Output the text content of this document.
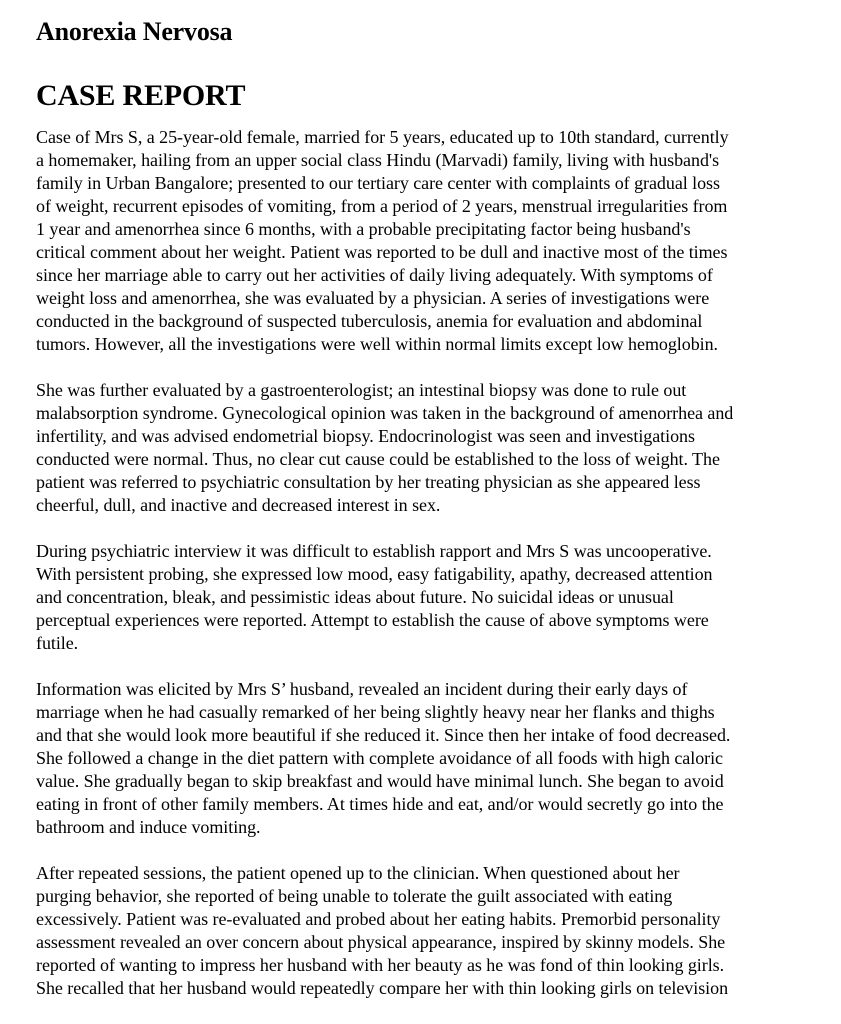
Anorexia Nervosa
CASE REPORT
Case of Mrs S, a 25-year-old female, married for 5 years, educated up to 10th standard, currently
a homemaker, hailing from an upper social class Hindu (Marvadi) family, living with husband's
family in Urban Bangalore; presented to our tertiary care center with complaints of gradual loss
of weight, recurrent episodes of vomiting, from a period of 2 years, menstrual irregularities from
1 year and amenorrhea since 6 months, with a probable precipitating factor being husband's
critical comment about her weight. Patient was reported to be dull and inactive most of the times
since her marriage able to carry out her activities of daily living adequately. With symptoms of
weight loss and amenorrhea, she was evaluated by a physician. A series of investigations were
conducted in the background of suspected tuberculosis, anemia for evaluation and abdominal
tumors. However, all the investigations were well within normal limits except low hemoglobin.
She was further evaluated by a gastroenterologist; an intestinal biopsy was done to rule out
malabsorption syndrome. Gynecological opinion was taken in the background of amenorrhea and
infertility, and was advised endometrial biopsy. Endocrinologist was seen and investigations
conducted were normal. Thus, no clear cut cause could be established to the loss of weight. The
patient was referred to psychiatric consultation by her treating physician as she appeared less
cheerful, dull, and inactive and decreased interest in sex.
During psychiatric interview it was difficult to establish rapport and Mrs S was uncooperative.
With persistent probing, she expressed low mood, easy fatigability, apathy, decreased attention
and concentration, bleak, and pessimistic ideas about future. No suicidal ideas or unusual
perceptual experiences were reported. Attempt to establish the cause of above symptoms were
futile.
Information was elicited by Mrs S’ husband, revealed an incident during their early days of
marriage when he had casually remarked of her being slightly heavy near her flanks and thighs
and that she would look more beautiful if she reduced it. Since then her intake of food decreased.
She followed a change in the diet pattern with complete avoidance of all foods with high caloric
value. She gradually began to skip breakfast and would have minimal lunch. She began to avoid
eating in front of other family members. At times hide and eat, and/or would secretly go into the
bathroom and induce vomiting.
After repeated sessions, the patient opened up to the clinician. When questioned about her
purging behavior, she reported of being unable to tolerate the guilt associated with eating
excessively. Patient was re-evaluated and probed about her eating habits. Premorbid personality
assessment revealed an over concern about physical appearance, inspired by skinny models. She
reported of wanting to impress her husband with her beauty as he was fond of thin looking girls.
She recalled that her husband would repeatedly compare her with thin looking girls on television
